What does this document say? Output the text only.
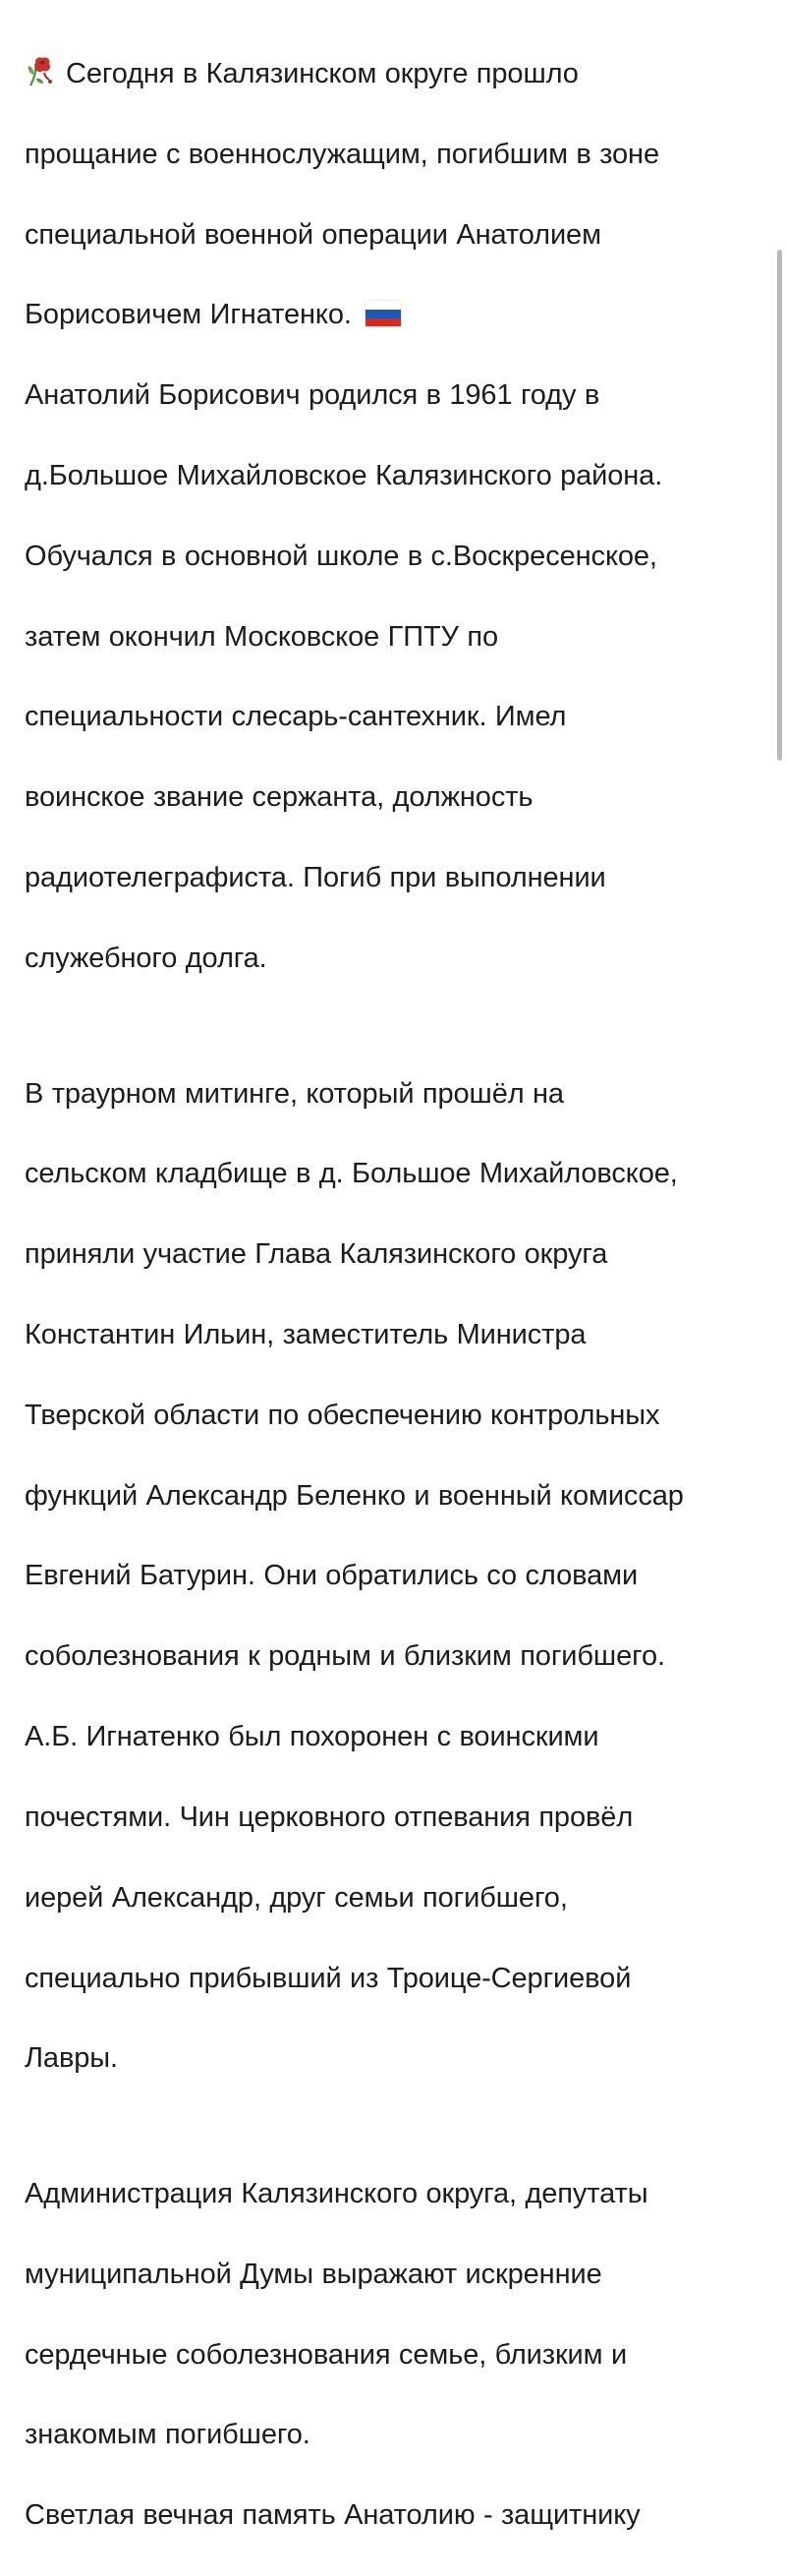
Сегодня в Калязинском округе прошло

прощание с военнослужащим, погибшим в зоне

специальной военной операции Анатолием

Борисовичем Игнатенко.

Анатолий Борисович родился в 1961 году в

д.Большое Михайловское Калязинского района.

Обучался в основной школе в с.Воскресенское,

затем окончил Московское ГПТУ по

специальности слесарь-сантехник. Имел

воинское звание сержанта, должность

радиотелеграфиста. Погиб при выполнении

служебного долга.

В траурном митинге, который прошёл на

сельском кладбище в д. Большое Михайловское,

приняли участие Глава Калязинского округа

Константин Ильин, заместитель Министра

Тверской области по обеспечению контрольных

функций Александр Беленко и военный комиссар

Евгений Батурин. Они обратились со словами

соболезнования к родным и близким погибшего.

А.Б. Игнатенко был похоронен с воинскими

почестями. Чин церковного отпевания провёл

иерей Александр, друг семьи погибшего,

специально прибывший из Троице-Сергиевой

Лавры.

Администрация Калязинского округа, депутаты

муниципальной Думы выражают искренние

сердечные соболезнования семье, близким и

знакомым погибшего.

Светлая вечная память Анатолию - защитнику
